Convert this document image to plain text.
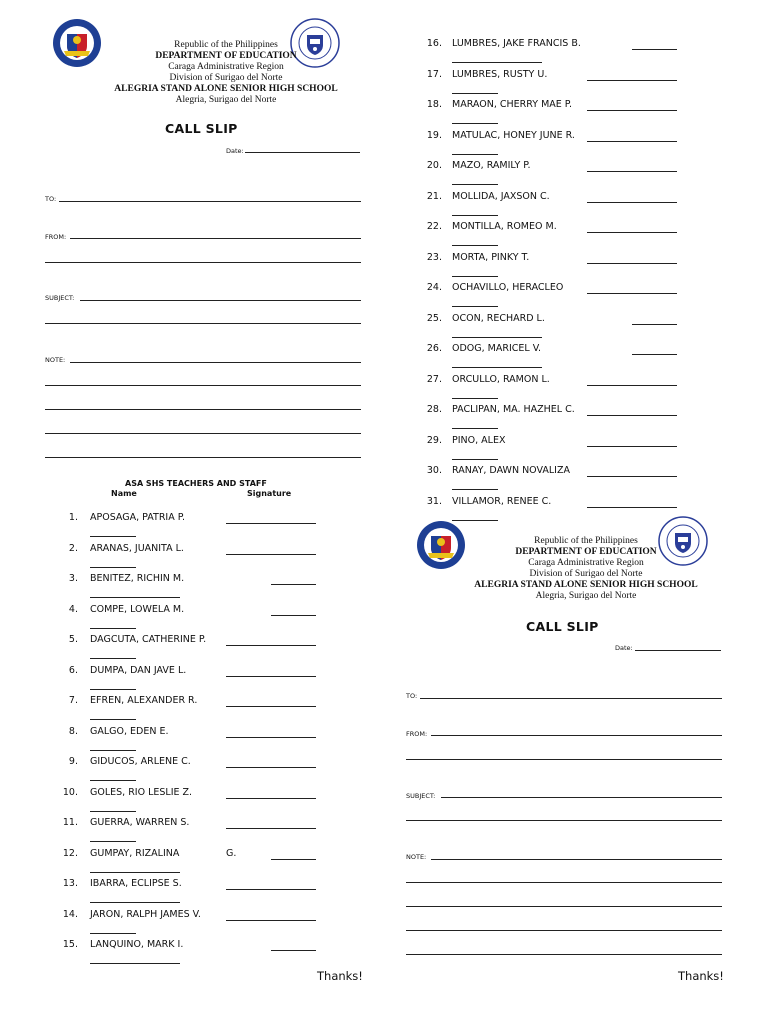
Republic of the Philippines
DEPARTMENT OF EDUCATION
Caraga Administrative Region
Division of Surigao del Norte
ALEGRIA STAND ALONE SENIOR HIGH SCHOOL
Alegria, Surigao del Norte
CALL SLIP
Date:
TO:
FROM:
SUBJECT:
NOTE:
ASA SHS TEACHERS AND STAFF
Name	Signature
1. APOSAGA, PATRIA P.
2. ARANAS, JUANITA L.
3. BENITEZ, RICHIN M.
4. COMPE, LOWELA M.
5. DAGCUTA, CATHERINE P.
6. DUMPA, DAN JAVE L.
7. EFREN, ALEXANDER R.
8. GALGO, EDEN E.
9. GIDUCOS, ARLENE C.
10. GOLES, RIO LESLIE Z.
11. GUERRA, WARREN S.
12. GUMPAY, RIZALINA	G.
13. IBARRA, ECLIPSE S.
14. JARON, RALPH JAMES V.
15. LANQUINO, MARK I.
16. LUMBRES, JAKE FRANCIS B.
17. LUMBRES, RUSTY U.
18. MARAON, CHERRY MAE P.
19. MATULAC, HONEY JUNE R.
20. MAZO, RAMILY P.
21. MOLLIDA, JAXSON C.
22. MONTILLA, ROMEO M.
23. MORTA, PINKY T.
24. OCHAVILLO, HERACLEO
25. OCON, RECHARD L.
26. ODOG, MARICEL V.
27. ORCULLO, RAMON L.
28. PACLIPAN, MA. HAZHEL C.
29. PINO, ALEX
30. RANAY, DAWN NOVALIZA
31. VILLAMOR, RENEE C.
Republic of the Philippines
DEPARTMENT OF EDUCATION
Caraga Administrative Region
Division of Surigao del Norte
ALEGRIA STAND ALONE SENIOR HIGH SCHOOL
Alegria, Surigao del Norte
CALL SLIP
Date:
TO:
FROM:
SUBJECT:
NOTE:
Thanks!	Thanks!
